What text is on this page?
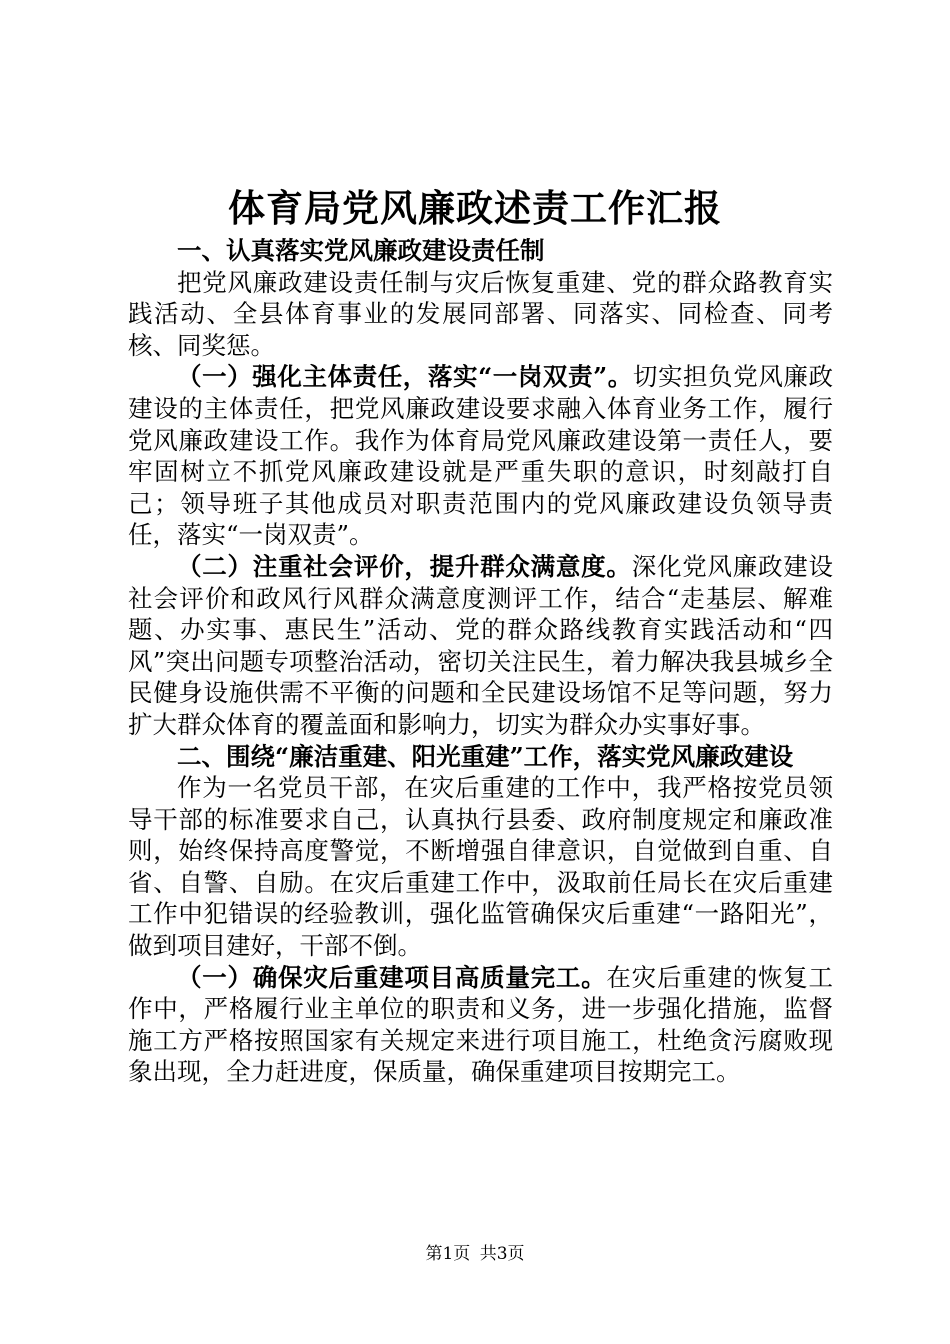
体育局党风廉政述责工作汇报

一、认真落实党风廉政建设责任制

把党风廉政建设责任制与灾后恢复重建、党的群众路教育实践活动、全县体育事业的发展同部署、同落实、同检查、同考核、同奖惩。

（一）强化主体责任，落实“一岗双责”。切实担负党风廉政建设的主体责任，把党风廉政建设要求融入体育业务工作，履行党风廉政建设工作。我作为体育局党风廉政建设第一责任人，要牢固树立不抓党风廉政建设就是严重失职的意识，时刻敲打自己；领导班子其他成员对职责范围内的党风廉政建设负领导责任，落实“一岗双责”。

（二）注重社会评价，提升群众满意度。深化党风廉政建设社会评价和政风行风群众满意度测评工作，结合“走基层、解难题、办实事、惠民生”活动、党的群众路线教育实践活动和“四风”突出问题专项整治活动，密切关注民生，着力解决我县城乡全民健身设施供需不平衡的问题和全民建设场馆不足等问题，努力扩大群众体育的覆盖面和影响力，切实为群众办实事好事。

二、围绕“廉洁重建、阳光重建”工作，落实党风廉政建设

作为一名党员干部，在灾后重建的工作中，我严格按党员领导干部的标准要求自己，认真执行县委、政府制度规定和廉政准则，始终保持高度警觉，不断增强自律意识，自觉做到自重、自省、自警、自励。在灾后重建工作中，汲取前任局长在灾后重建工作中犯错误的经验教训，强化监管确保灾后重建“一路阳光”，做到项目建好，干部不倒。

（一）确保灾后重建项目高质量完工。在灾后重建的恢复工作中，严格履行业主单位的职责和义务，进一步强化措施，监督施工方严格按照国家有关规定来进行项目施工，杜绝贪污腐败现象出现，全力赶进度，保质量，确保重建项目按期完工。

第1页 共3页
